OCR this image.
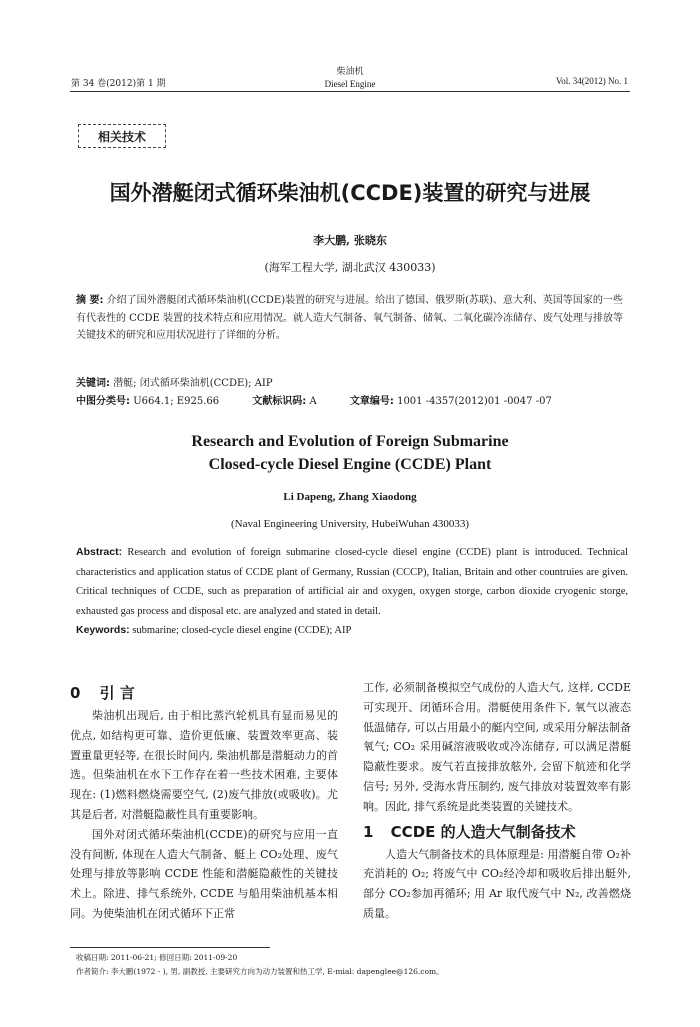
第 34 卷(2012)第 1 期
柴油机
Diesel Engine	Vol. 34(2012) No. 1
相关技术
国外潜艇闭式循环柴油机(CCDE)装置的研究与进展
李大鹏, 张晓东
(海军工程大学, 湖北武汉 430033)
摘 要: 介绍了国外潜艇闭式循环柴油机(CCDE)装置的研究与进展。给出了德国、俄罗斯(苏联)、意大利、英国等国家的一些有代表性的 CCDE 装置的技术特点和应用情况。就人造大气制备、氧气制备、储氧、二氧化碳冷冻储存、废气处理与排放等关键技术的研究和应用状况进行了详细的分析。
关键词: 潜艇; 闭式循环柴油机(CCDE); AIP
中图分类号: U664.1; E925.66	文献标识码: A	文章编号: 1001 -4357(2012)01 -0047 -07
Research and Evolution of Foreign Submarine
Closed-cycle Diesel Engine (CCDE) Plant
Li Dapeng, Zhang Xiaodong
(Naval Engineering University, HubeiWuhan 430033)
Abstract: Research and evolution of foreign submarine closed-cycle diesel engine (CCDE) plant is introduced. Technical characteristics and application status of CCDE plant of Germany, Russian (CCCP), Italian, Britain and other countruies are given. Critical techniques of CCDE, such as preparation of artificial air and oxygen, oxygen storge, carbon dioxide cryogenic storge, exhausted gas process and disposal etc. are analyzed and stated in detail.
Keywords: submarine; closed-cycle diesel engine (CCDE); AIP
0 引 言
柴油机出现后, 由于相比蒸汽轮机具有显而易见的优点, 如结构更可靠、造价更低廉、装置效率更高、装置重量更轻等, 在很长时间内, 柴油机都是潜艇动力的首选。但柴油机在水下工作存在着一些技术困难, 主要体现在: (1)燃料燃烧需要空气, (2)废气排放(或吸收)。尤其是后者, 对潜艇隐蔽性具有重要影响。
国外对闭式循环柴油机(CCDE)的研究与应用一直没有间断, 体现在人造大气制备、艇上 CO₂处理、废气处理与排放等影响 CCDE 性能和潜艇隐蔽性的关键技术上。除进、排气系统外, CCDE 与船用柴油机基本相同。为使柴油机在闭式循环下正常
工作, 必须制备模拟空气成份的人造大气, 这样, CCDE 可实现开、闭循环合用。潜艇使用条件下, 氧气以液态低温储存, 可以占用最小的艇内空间, 或采用分解法制备氧气; CO₂ 采用碱溶液吸收或冷冻储存, 可以满足潜艇隐蔽性要求。废气若直接排放舷外, 会留下航迹和化学信号; 另外, 受海水背压制约, 废气排放对装置效率有影响。因此, 排气系统是此类装置的关键技术。
1 CCDE 的人造大气制备技术
人造大气制备技术的具体原理是: 用潜艇自带 O₂补充消耗的 O₂; 将废气中 CO₂经冷却和吸收后排出艇外, 部分 CO₂参加再循环; 用 Ar 取代废气中 N₂, 改善燃烧质量。
收稿日期: 2011-06-21; 修回日期: 2011-09-20
作者简介: 李大鹏(1972 - ), 男, 副教授, 主要研究方向为动力装置和热工学, E-mial: dapenglee@126.com。
